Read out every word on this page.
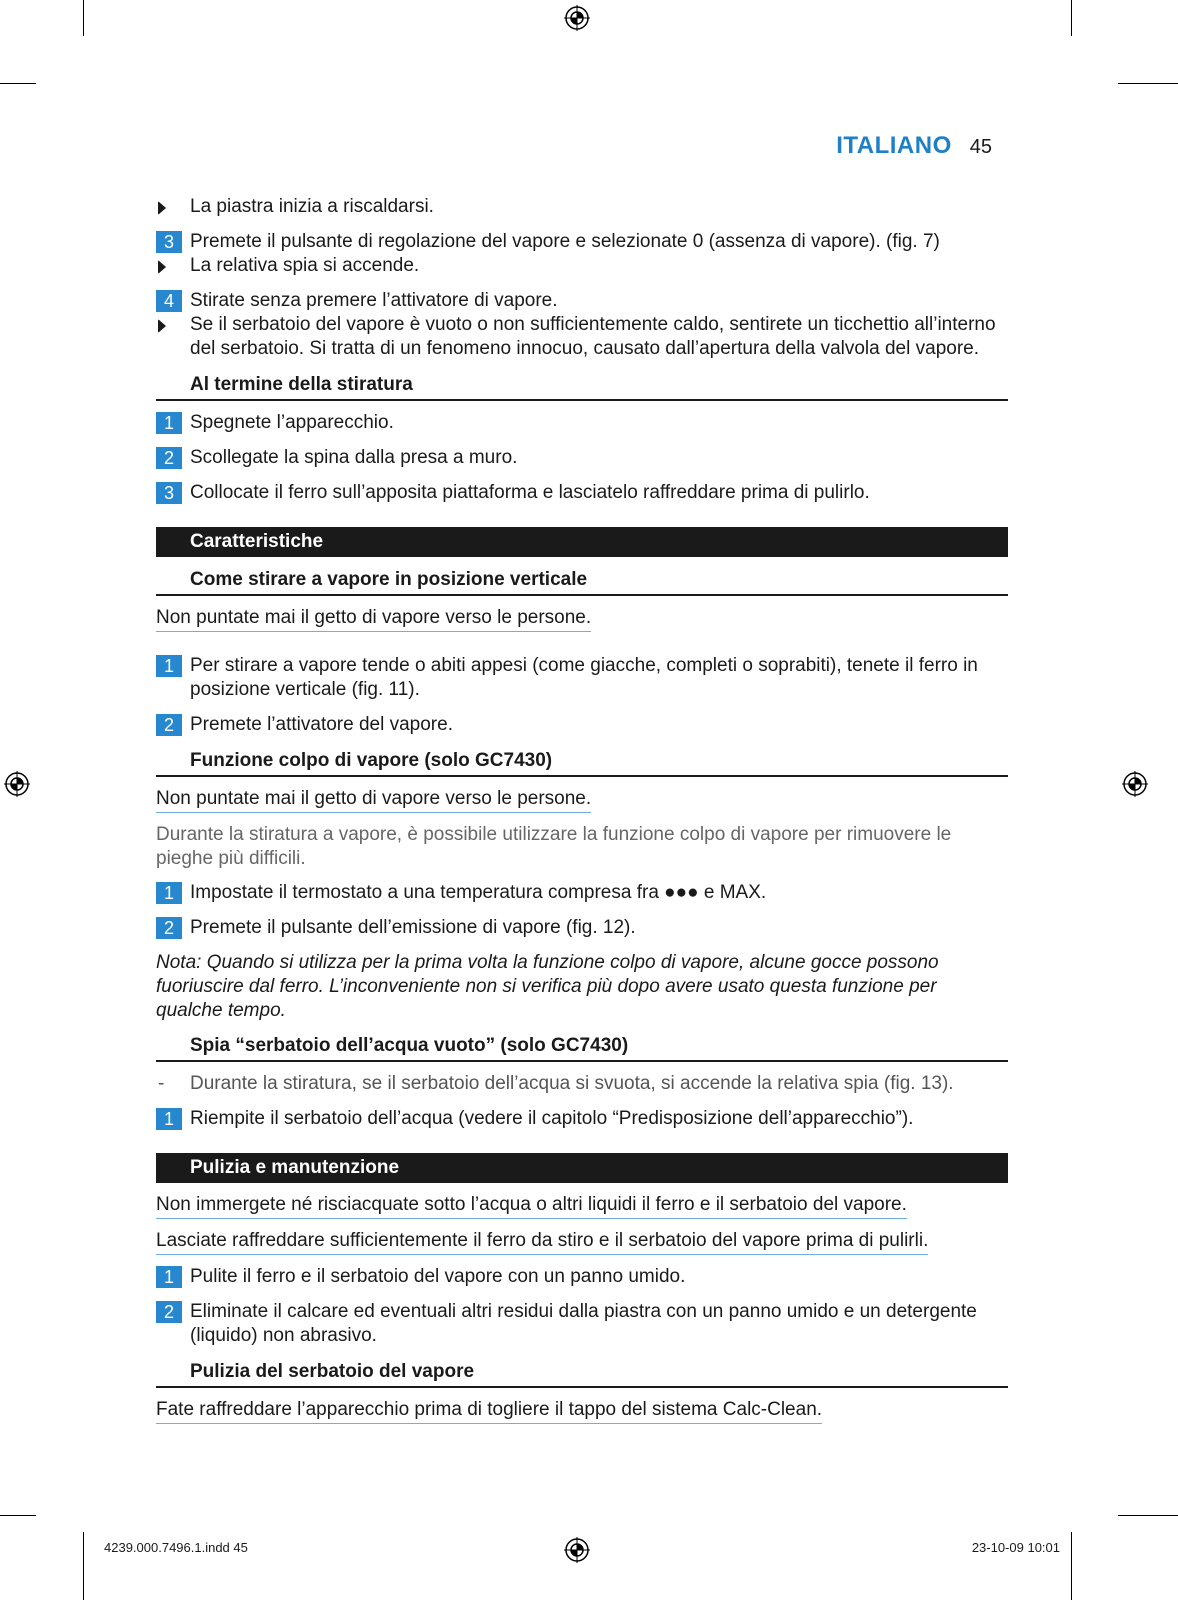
ITALIANO 45
La piastra inizia a riscaldarsi.
3 Premete il pulsante di regolazione del vapore e selezionate 0 (assenza di vapore). (fig. 7)
La relativa spia si accende.
4 Stirate senza premere l’attivatore di vapore.
Se il serbatoio del vapore è vuoto o non sufficientemente caldo, sentirete un ticchettio all’interno del serbatoio. Si tratta di un fenomeno innocuo, causato dall’apertura della valvola del vapore.
Al termine della stiratura
1 Spegnete l’apparecchio.
2 Scollegate la spina dalla presa a muro.
3 Collocate il ferro sull’apposita piattaforma e lasciatelo raffreddare prima di pulirlo.
Caratteristiche
Come stirare a vapore in posizione verticale
Non puntate mai il getto di vapore verso le persone.
1 Per stirare a vapore tende o abiti appesi (come giacche, completi o soprabiti), tenete il ferro in posizione verticale (fig. 11).
2 Premete l’attivatore del vapore.
Funzione colpo di vapore (solo GC7430)
Non puntate mai il getto di vapore verso le persone.
Durante la stiratura a vapore, è possibile utilizzare la funzione colpo di vapore per rimuovere le pieghe più difficili.
1 Impostate il termostato a una temperatura compresa fra ●●● e MAX.
2 Premete il pulsante dell’emissione di vapore (fig. 12).
Nota: Quando si utilizza per la prima volta la funzione colpo di vapore, alcune gocce possono fuoriuscire dal ferro. L’inconveniente non si verifica più dopo avere usato questa funzione per qualche tempo.
Spia “serbatoio dell’acqua vuoto” (solo GC7430)
- Durante la stiratura, se il serbatoio dell’acqua si svuota, si accende la relativa spia (fig. 13).
1 Riempite il serbatoio dell’acqua (vedere il capitolo “Predisposizione dell’apparecchio”).
Pulizia e manutenzione
Non immergete né risciacquate sotto l’acqua o altri liquidi il ferro e il serbatoio del vapore.
Lasciate raffreddare sufficientemente il ferro da stiro e il serbatoio del vapore prima di pulirli.
1 Pulite il ferro e il serbatoio del vapore con un panno umido.
2 Eliminate il calcare ed eventuali altri residui dalla piastra con un panno umido e un detergente (liquido) non abrasivo.
Pulizia del serbatoio del vapore
Fate raffreddare l’apparecchio prima di togliere il tappo del sistema Calc-Clean.
4239.000.7496.1.indd 45	23-10-09 10:01
